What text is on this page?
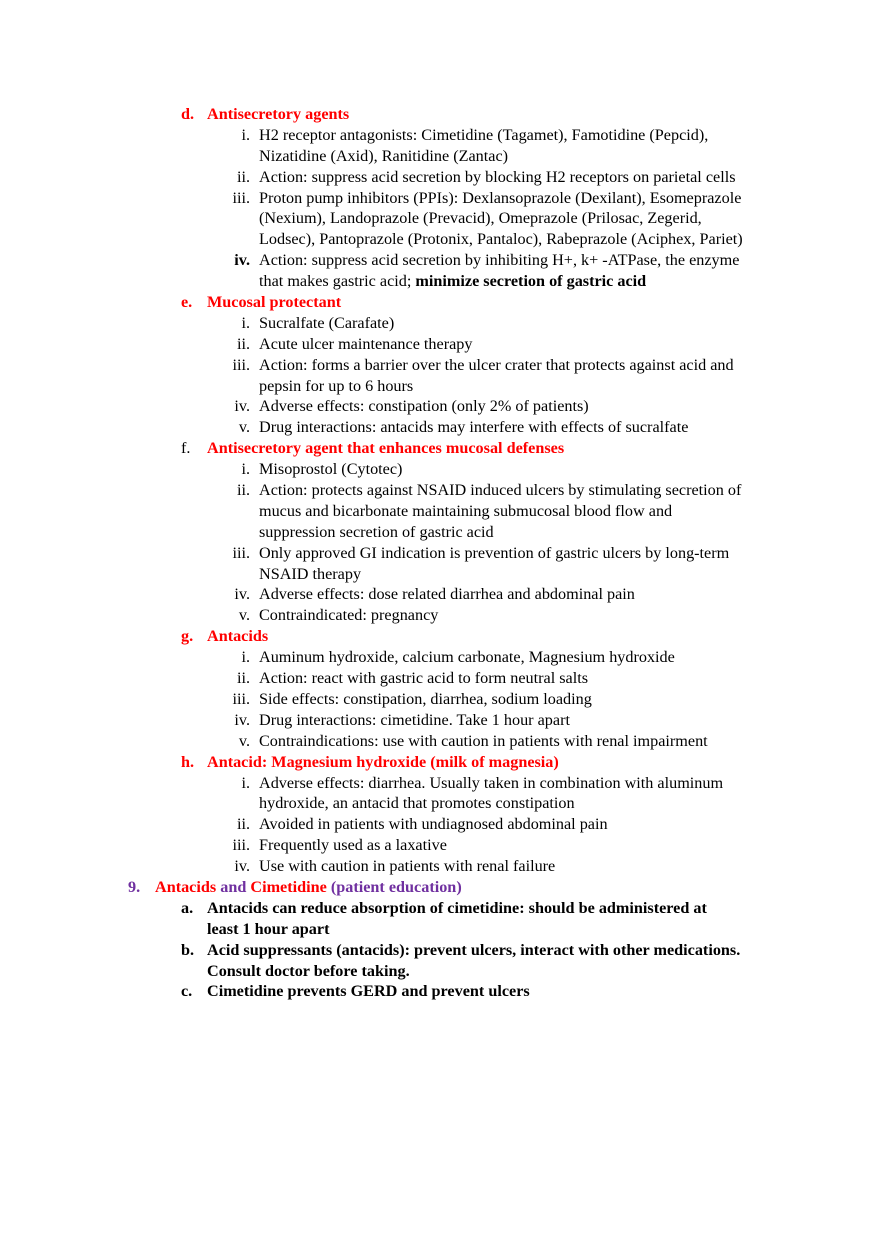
d. Antisecretory agents
i. H2 receptor antagonists: Cimetidine (Tagamet), Famotidine (Pepcid),
Nizatidine (Axid), Ranitidine (Zantac)
ii. Action: suppress acid secretion by blocking H2 receptors on parietal cells
iii. Proton pump inhibitors (PPIs): Dexlansoprazole (Dexilant), Esomeprazole
(Nexium), Landoprazole (Prevacid), Omeprazole (Prilosac, Zegerid,
Lodsec), Pantoprazole (Protonix, Pantaloc), Rabeprazole (Aciphex, Pariet)
iv. Action: suppress acid secretion by inhibiting H+, k+ -ATPase, the enzyme
that makes gastric acid; minimize secretion of gastric acid
e. Mucosal protectant
i. Sucralfate (Carafate)
ii. Acute ulcer maintenance therapy
iii. Action: forms a barrier over the ulcer crater that protects against acid and
pepsin for up to 6 hours
iv. Adverse effects: constipation (only 2% of patients)
v. Drug interactions: antacids may interfere with effects of sucralfate
f. Antisecretory agent that enhances mucosal defenses
i. Misoprostol (Cytotec)
ii. Action: protects against NSAID induced ulcers by stimulating secretion of
mucus and bicarbonate maintaining submucosal blood flow and
suppression secretion of gastric acid
iii. Only approved GI indication is prevention of gastric ulcers by long-term
NSAID therapy
iv. Adverse effects: dose related diarrhea and abdominal pain
v. Contraindicated: pregnancy
g. Antacids
i. Auminum hydroxide, calcium carbonate, Magnesium hydroxide
ii. Action: react with gastric acid to form neutral salts
iii. Side effects: constipation, diarrhea, sodium loading
iv. Drug interactions: cimetidine. Take 1 hour apart
v. Contraindications: use with caution in patients with renal impairment
h. Antacid: Magnesium hydroxide (milk of magnesia)
i. Adverse effects: diarrhea. Usually taken in combination with aluminum
hydroxide, an antacid that promotes constipation
ii. Avoided in patients with undiagnosed abdominal pain
iii. Frequently used as a laxative
iv. Use with caution in patients with renal failure
9. Antacids and Cimetidine (patient education)
a. Antacids can reduce absorption of cimetidine: should be administered at
least 1 hour apart
b. Acid suppressants (antacids): prevent ulcers, interact with other medications.
Consult doctor before taking.
c. Cimetidine prevents GERD and prevent ulcers
